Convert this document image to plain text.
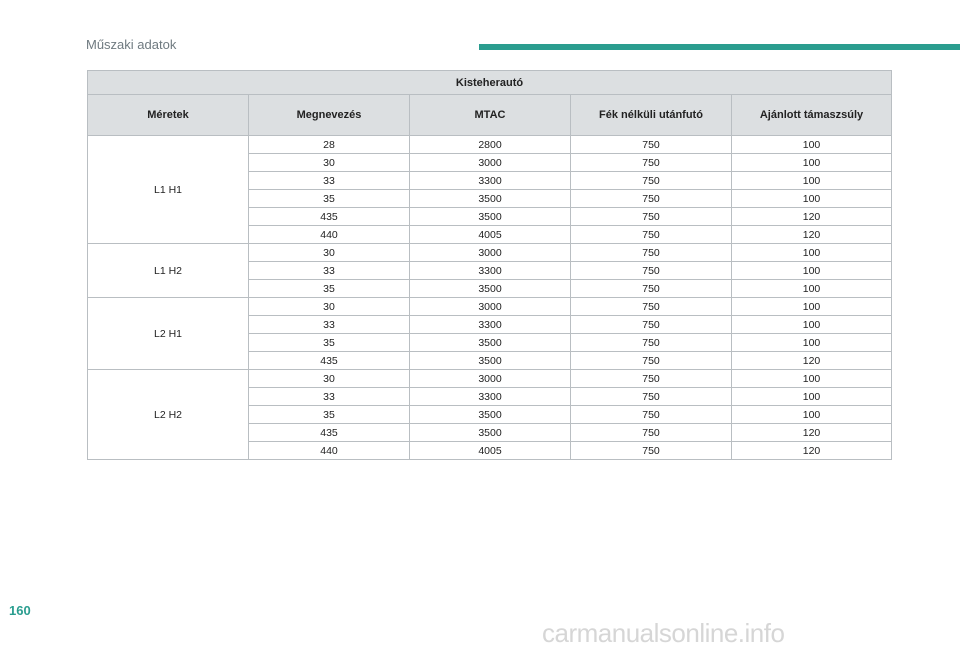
Műszaki adatok
Kisteherautó				
Méretek	Megnevezés	MTAC	Fék nélküli utánfutó	Ajánlott támaszsúly
L1 H1	28	2800	750	100
	30	3000	750	100
	33	3300	750	100
	35	3500	750	100
	435	3500	750	120
	440	4005	750	120
L1 H2	30	3000	750	100
	33	3300	750	100
	35	3500	750	100
L2 H1	30	3000	750	100
	33	3300	750	100
	35	3500	750	100
	435	3500	750	120
L2 H2	30	3000	750	100
	33	3300	750	100
	35	3500	750	100
	435	3500	750	120
	440	4005	750	120
160
carmanualsonline.info
